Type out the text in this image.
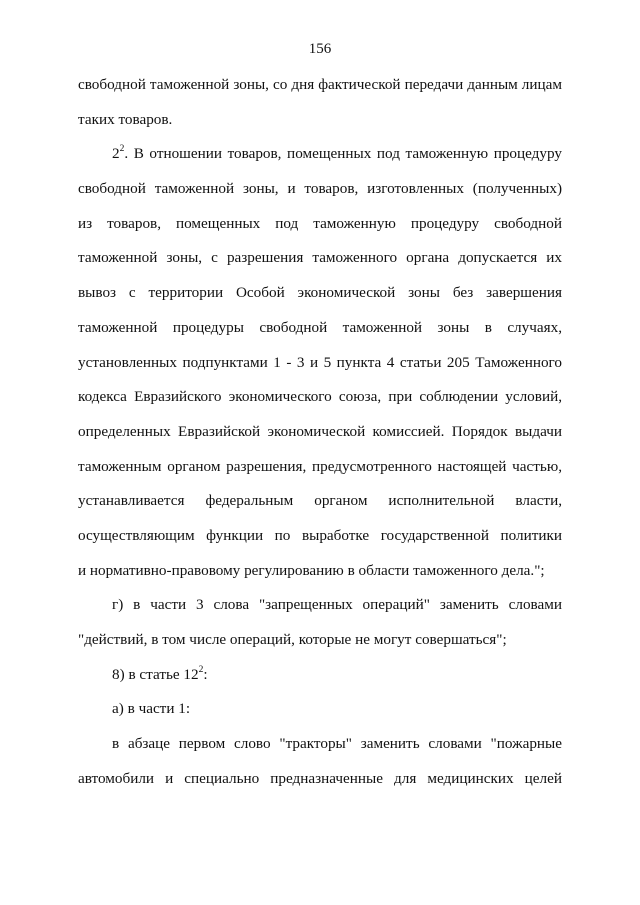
156
свободной таможенной зоны, со дня фактической передачи данным лицам
таких товаров.
$2^2$. В отношении товаров, помещенных под таможенную процедуру
свободной таможенной зоны, и товаров, изготовленных (полученных)
из товаров, помещенных под таможенную процедуру свободной
таможенной зоны, с разрешения таможенного органа допускается их
вывоз с территории Особой экономической зоны без завершения
таможенной процедуры свободной таможенной зоны в случаях,
установленных подпунктами 1 - 3 и 5 пункта 4 статьи 205 Таможенного
кодекса Евразийского экономического союза, при соблюдении условий,
определенных Евразийской экономической комиссией. Порядок выдачи
таможенным органом разрешения, предусмотренного настоящей частью,
устанавливается федеральным органом исполнительной власти,
осуществляющим функции по выработке государственной политики
и нормативно-правовому регулированию в области таможенного дела.";
г) в части 3 слова "запрещенных операций" заменить словами
"действий, в том числе операций, которые не могут совершаться";
8) в статье $12^2$:
а) в части 1:
в абзаце первом слово "тракторы" заменить словами "пожарные
автомобили и специально предназначенные для медицинских целей
